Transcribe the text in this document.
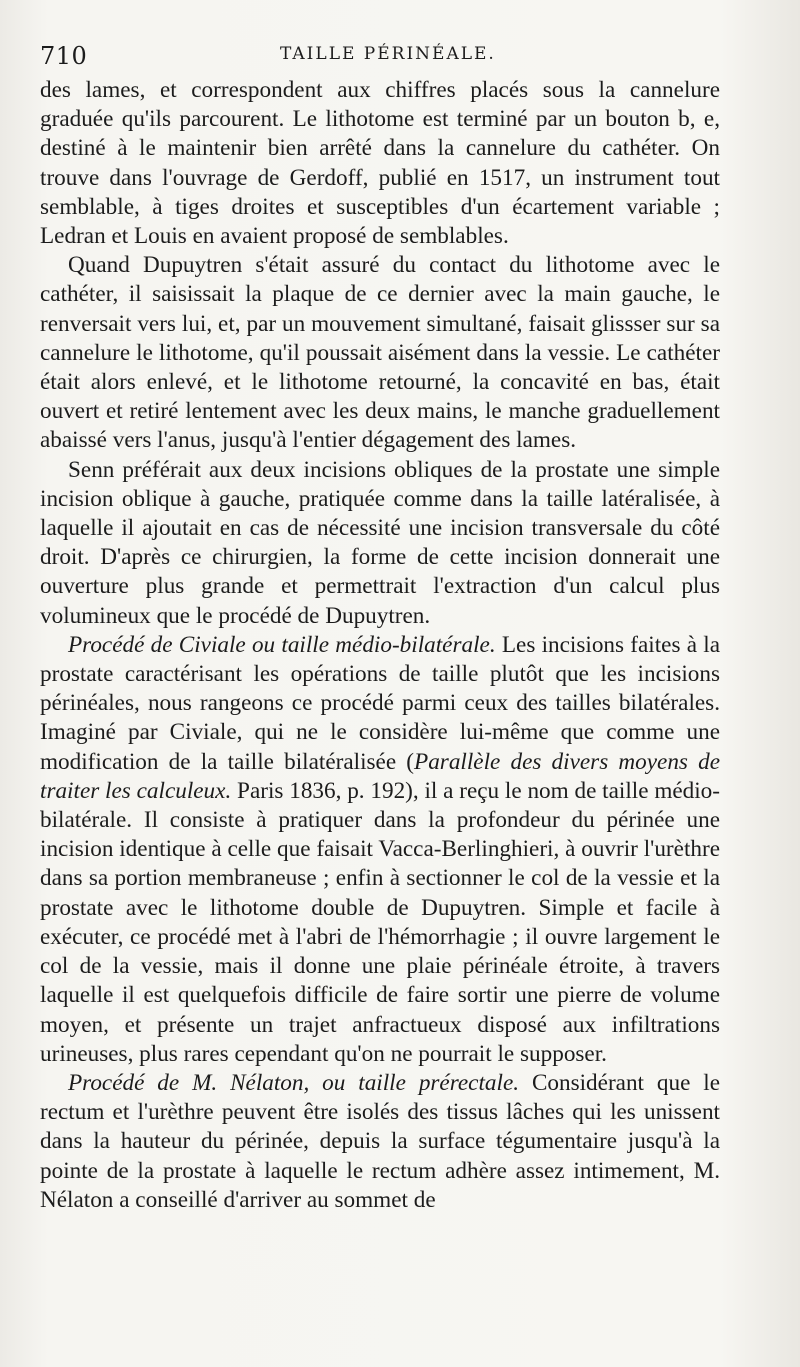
710	TAILLE PÉRINÉALE.

des lames, et correspondent aux chiffres placés sous la cannelure graduée qu'ils parcourent. Le lithotome est terminé par un bouton b, e, destiné à le maintenir bien arrêté dans la cannelure du cathéter. On trouve dans l'ouvrage de Gerdoff, publié en 1517, un instrument tout semblable, à tiges droites et susceptibles d'un écartement variable ; Ledran et Louis en avaient proposé de semblables.

Quand Dupuytren s'était assuré du contact du lithotome avec le cathéter, il saisissait la plaque de ce dernier avec la main gauche, le renversait vers lui, et, par un mouvement simultané, faisait glissser sur sa cannelure le lithotome, qu'il poussait aisément dans la vessie. Le cathéter était alors enlevé, et le lithotome retourné, la concavité en bas, était ouvert et retiré lentement avec les deux mains, le manche graduellement abaissé vers l'anus, jusqu'à l'entier dégagement des lames.

Senn préférait aux deux incisions obliques de la prostate une simple incision oblique à gauche, pratiquée comme dans la taille latéralisée, à laquelle il ajoutait en cas de nécessité une incision transversale du côté droit. D'après ce chirurgien, la forme de cette incision donnerait une ouverture plus grande et permettrait l'extraction d'un calcul plus volumineux que le procédé de Dupuytren.

Procédé de Civiale ou taille médio-bilatérale. Les incisions faites à la prostate caractérisant les opérations de taille plutôt que les incisions périnéales, nous rangeons ce procédé parmi ceux des tailles bilatérales. Imaginé par Civiale, qui ne le considère lui-même que comme une modification de la taille bilatéralisée (Parallèle des divers moyens de traiter les calculeux. Paris 1836, p. 192), il a reçu le nom de taille médio-bilatérale. Il consiste à pratiquer dans la profondeur du périnée une incision identique à celle que faisait Vacca-Berlinghieri, à ouvrir l'urèthre dans sa portion membraneuse ; enfin à sectionner le col de la vessie et la prostate avec le lithotome double de Dupuytren. Simple et facile à exécuter, ce procédé met à l'abri de l'hémorrhagie ; il ouvre largement le col de la vessie, mais il donne une plaie périnéale étroite, à travers laquelle il est quelquefois difficile de faire sortir une pierre de volume moyen, et présente un trajet anfractueux disposé aux infiltrations urineuses, plus rares cependant qu'on ne pourrait le supposer.

Procédé de M. Nélaton, ou taille prérectale. Considérant que le rectum et l'urèthre peuvent être isolés des tissus lâches qui les unissent dans la hauteur du périnée, depuis la surface tégumentaire jusqu'à la pointe de la prostate à laquelle le rectum adhère assez intimement, M. Nélaton a conseillé d'arriver au sommet de
